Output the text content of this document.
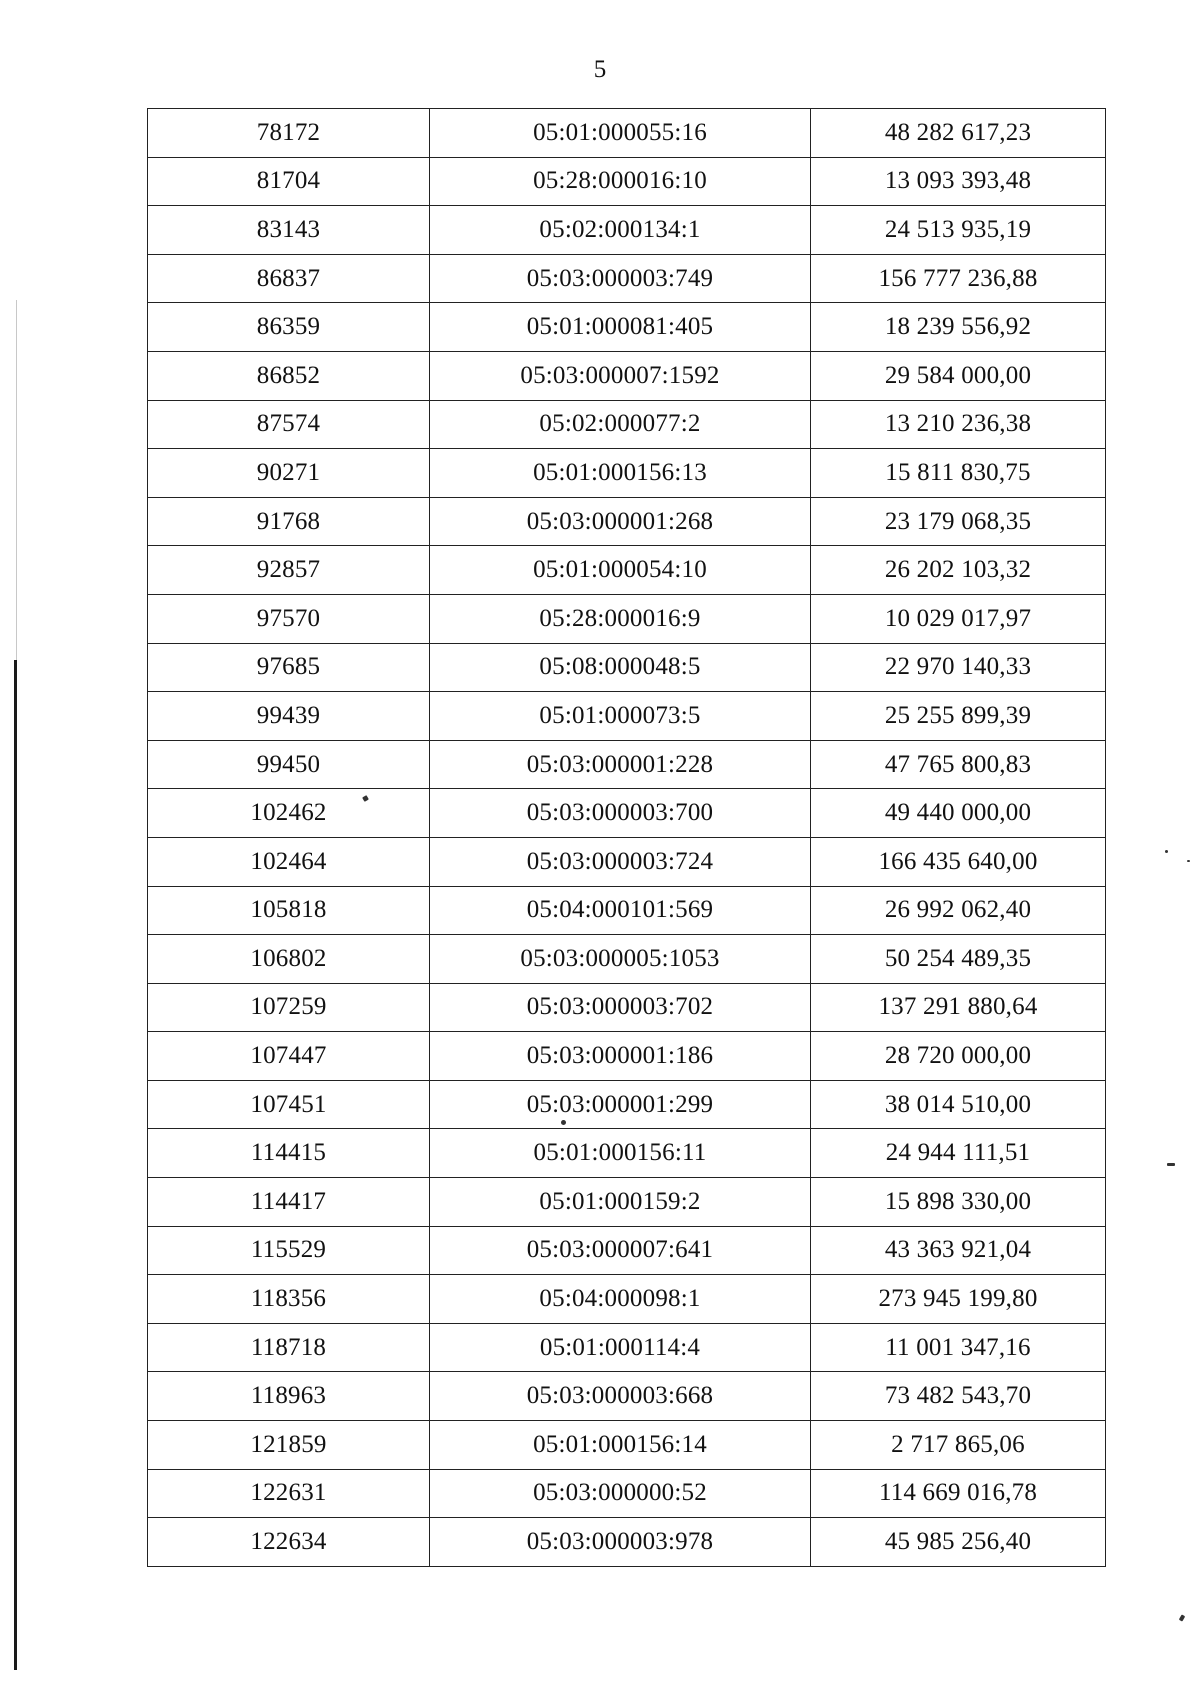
5
78172	05:01:000055:16	48 282 617,23
81704	05:28:000016:10	13 093 393,48
83143	05:02:000134:1	24 513 935,19
86837	05:03:000003:749	156 777 236,88
86359	05:01:000081:405	18 239 556,92
86852	05:03:000007:1592	29 584 000,00
87574	05:02:000077:2	13 210 236,38
90271	05:01:000156:13	15 811 830,75
91768	05:03:000001:268	23 179 068,35
92857	05:01:000054:10	26 202 103,32
97570	05:28:000016:9	10 029 017,97
97685	05:08:000048:5	22 970 140,33
99439	05:01:000073:5	25 255 899,39
99450	05:03:000001:228	47 765 800,83
102462	05:03:000003:700	49 440 000,00
102464	05:03:000003:724	166 435 640,00
105818	05:04:000101:569	26 992 062,40
106802	05:03:000005:1053	50 254 489,35
107259	05:03:000003:702	137 291 880,64
107447	05:03:000001:186	28 720 000,00
107451	05:03:000001:299	38 014 510,00
114415	05:01:000156:11	24 944 111,51
114417	05:01:000159:2	15 898 330,00
115529	05:03:000007:641	43 363 921,04
118356	05:04:000098:1	273 945 199,80
118718	05:01:000114:4	11 001 347,16
118963	05:03:000003:668	73 482 543,70
121859	05:01:000156:14	2 717 865,06
122631	05:03:000000:52	114 669 016,78
122634	05:03:000003:978	45 985 256,40
